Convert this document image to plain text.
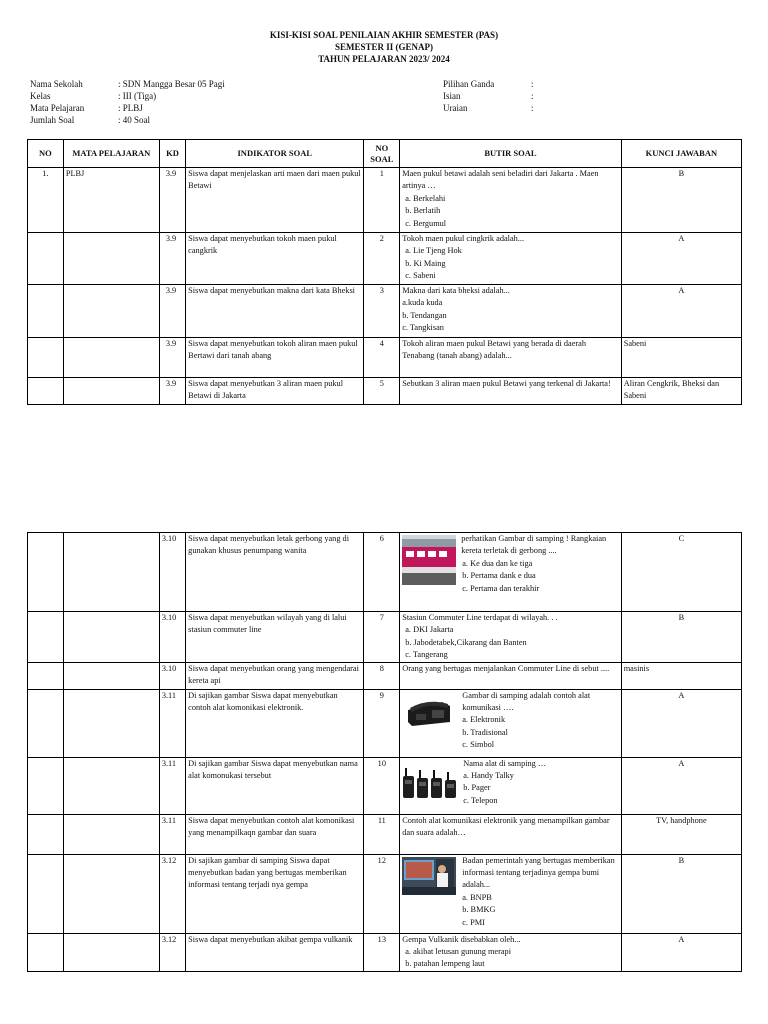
KISI-KISI SOAL PENILAIAN AKHIR SEMESTER (PAS)
SEMESTER II (GENAP)
TAHUN PELAJARAN 2023/ 2024
Nama Sekolah	: SDN Mangga Besar 05 Pagi
Kelas	: III (Tiga)
Mata Pelajaran	: PLBJ
Jumlah Soal	: 40 Soal
Pilihan Ganda	:
Isian	:
Uraian	:
NO	MATA PELAJARAN	KD	INDIKATOR SOAL	NO SOAL	BUTIR SOAL	KUNCI JAWABAN
1.	PLBJ	3.9	Siswa dapat menjelaskan arti maen dari maen pukul Betawi	1	Maen pukul betawi adalah seni beladiri dari Jakarta . Maen artinya …
a. Berkelahi
b. Berlatih
c. Bergumul	B
		3.9	Siswa dapat menyebutkan tokoh maen pukul cangkrik	2	Tokoh maen pukul cingkrik adalah...
a. Lie Tjeng Hok
b. Ki Maing
c. Sabeni	A
		3.9	Siswa dapat menyebutkan makna dari kata Bheksi	3	Makna dari kata bheksi adalah...
a.kuda kuda
b. Tendangan
c. Tangkisan	A
		3.9	Siswa dapat menyebutkan tokoh aliran maen pukul Bertawi dari tanah abang	4	Tokoh aliran maen pukul Betawi yang berada di daerah Tenabang (tanah abang) adalah...	Sabeni
		3.9	Siswa dapat menyebutkan 3 aliran maen pukul Betawi di Jakarta	5	Sebutkan 3 aliran maen pukul Betawi yang terkenal di Jakarta!	Aliran Cengkrik, Bheksi dan Sabeni
		3.10	Siswa dapat menyebutkan letak gerbong yang di gunakan khusus penumpang wanita	6	perhatikan Gambar di samping ! Rangkaian kereta terletak di gerbong ....
a. Ke dua dan ke tiga
b. Pertama dank e dua
c. Pertama dan terakhir	C
		3.10	Siswa dapat menyebutkan wilayah yang di lalui stasiun commuter line	7	Stasiun Commuter Line terdapat di wilayah. . .
a. DKI Jakarta
b. Jabodetabek,Cikarang dan Banten
c. Tangerang	B
		3.10	Siswa dapat menyebutkan orang yang mengendarai kereta api	8	Orang yang bertugas menjalankan Commuter Line di sebut ....	masinis
		3.11	Di sajikan gambar Siswa dapat menyebutkan contoh alat komonikasi elektronik.	9	Gambar di samping adalah contoh alat komunikasi ….
a. Elektronik
b. Tradisional
c. Simbol	A
		3.11	Di sajikan gambar Siswa dapat menyebutkan nama alat komonukasi tersebut	10	Nama alat di samping …
a. Handy Talky
b. Pager
c. Telepon	A
		3.11	Siswa dapat menyebutkan contoh alat komonikasi yang menampilkaqn gambar dan suara	11	Contoh alat komunikasi elektronik yang menampilkan gambar dan suara adalah…	TV, handphone
		3.12	Di sajikan gambar di samping Siswa dapat menyebutkan badan yang bertugas memberikan informasi tentang terjadi nya gempa	12	Badan pemerintah yang bertugas memberikan informasi tentang terjadinya gempa bumi adalah...
a. BNPB
b. BMKG
c. PMI	B
		3.12	Siswa dapat menyebutkan akibat gempa vulkanik	13	Gempa Vulkanik disebabkan oleh...
a. akibat letusan gunung merapi
b. patahan lempeng laut	A
